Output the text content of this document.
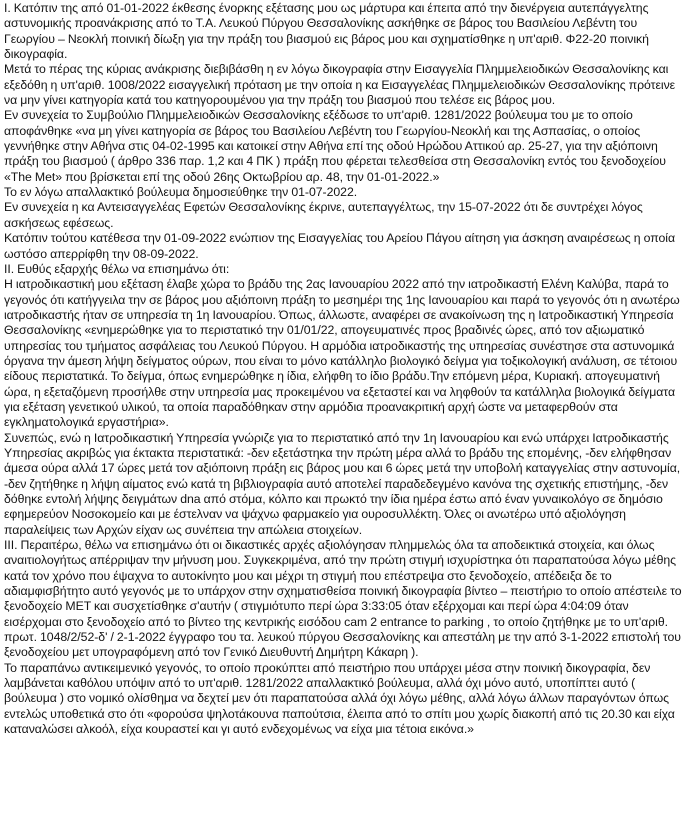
I. Κατόπιν της από 01-01-2022 έκθεσης ένορκης εξέτασης μου ως μάρτυρα και έπειτα από την διενέργεια αυτεπάγγελτης αστυνομικής προανάκρισης από το Τ.Α. Λευκού Πύργου Θεσσαλονίκης ασκήθηκε σε βάρος του Βασιλείου Λεβέντη του Γεωργίου – Νεοκλή ποινική δίωξη για την πράξη του βιασμού εις βάρος μου και σχηματίσθηκε η υπ'αριθ. Φ22-20 ποινική δικογραφία.

Μετά το πέρας της κύριας ανάκρισης διεβιβάσθη η εν λόγω δικογραφία στην Εισαγγελία Πλημμελειοδικών Θεσσαλονίκης και εξεδόθη η υπ'αριθ. 1008/2022 εισαγγελική πρόταση με την οποία η κα Εισαγγελέας Πλημμελειοδικών Θεσσαλονίκης πρότεινε να μην γίνει κατηγορία κατά του κατηγορουμένου για την πράξη του βιασμού που τελέσε εις βάρος μου.

Εν συνεχεία το Συμβούλιο Πλημμελειοδικών Θεσσαλονίκης εξέδωσε το υπ'αριθ. 1281/2022 βούλευμα του με το οποίο αποφάνθηκε «να μη γίνει κατηγορία σε βάρος του Βασιλείου Λεβέντη του Γεωργίου-Νεοκλή και της Ασπασίας, ο οποίος γεννήθηκε στην Αθήνα στις 04-02-1995 και κατοικεί στην Αθήνα επί της οδού Ηρώδου Αττικού αρ. 25-27, για την αξιόποινη πράξη του βιασμού ( άρθρο 336 παρ. 1,2 και 4 ΠΚ ) πράξη που φέρεται τελεσθείσα στη Θεσσαλονίκη εντός του ξενοδοχείου «The Met» που βρίσκεται επί της οδού 26ης Οκτωβρίου αρ. 48, την 01-01-2022.»

Το εν λόγω απαλλακτικό βούλευμα δημοσιεύθηκε την 01-07-2022.

Εν συνεχεία η κα Αντεισαγγελέας Εφετών Θεσσαλονίκης έκρινε, αυτεπαγγέλτως, την 15-07-2022 ότι δε συντρέχει λόγος ασκήσεως εφέσεως.

Κατόπιν τούτου κατέθεσα την 01-09-2022 ενώπιον της Εισαγγελίας του Αρείου Πάγου αίτηση για άσκηση αναιρέσεως η οποία ωστόσο απερρίφθη την 08-09-2022.

II. Ευθύς εξαρχής θέλω να επισημάνω ότι:

Η ιατροδικαστική μου εξέταση έλαβε χώρα το βράδυ της 2ας Ιανουαρίου 2022 από την ιατροδικαστή Ελένη Καλύβα, παρά το γεγονός ότι κατήγγειλα την σε βάρος μου αξιόποινη πράξη το μεσημέρι της 1ης Ιανουαρίου και παρά το γεγονός ότι η ανωτέρω ιατροδικαστής ήταν σε υπηρεσία τη 1η Ιανουαρίου. Όπως, άλλωστε, αναφέρει σε ανακοίνωση της η Ιατροδικαστική Υπηρεσία Θεσσαλονίκης «ενημερώθηκε για το περιστατικό την 01/01/22, απογευματινές προς βραδινές ώρες, από τον αξιωματικό υπηρεσίας του τμήματος ασφάλειας του Λευκού Πύργου. Η αρμόδια ιατροδικαστής της υπηρεσίας συνέστησε στα αστυνομικά όργανα την άμεση λήψη δείγματος ούρων, που είναι το μόνο κατάλληλο βιολογικό δείγμα για τοξικολογική ανάλυση, σε τέτοιου είδους περιστατικά. Το δείγμα, όπως ενημερώθηκε η ίδια, ελήφθη το ίδιο βράδυ.Την επόμενη μέρα, Κυριακή. απογευματινή ώρα, η εξεταζόμενη προσήλθε στην υπηρεσία μας προκειμένου να εξεταστεί και να ληφθούν τα κατάλληλα βιολογικά δείγματα για εξέταση γενετικού υλικού, τα οποία παραδόθηκαν στην αρμόδια προανακριτική αρχή ώστε να μεταφερθούν στα εγκληματολογικά εργαστήρια».

Συνεπώς, ενώ η Ιατροδικαστική Υπηρεσία γνώριζε για το περιστατικό από την 1η Ιανουαρίου και ενώ υπάρχει Ιατροδικαστής Υπηρεσίας ακριβώς για έκτακτα περιστατικά: -δεν εξετάστηκα την πρώτη μέρα αλλά το βράδυ της επομένης, -δεν ελήφθησαν άμεσα ούρα αλλά 17 ώρες μετά τον αξιόποινη πράξη εις βάρος μου και 6 ώρες μετά την υποβολή καταγγελίας στην αστυνομία, -δεν ζητήθηκε η λήψη αίματος ενώ κατά τη βιβλιογραφία αυτό αποτελεί παραδεδεγμένο κανόνα της σχετικής επιστήμης, -δεν δόθηκε εντολή λήψης δειγμάτων dna από στόμα, κόλπο και πρωκτό την ίδια ημέρα έστω από έναν γυναικολόγο σε δημόσιο εφημερεύον Νοσοκομείο και με έστελναν να ψάχνω φαρμακείο για ουροσυλλέκτη. Όλες οι ανωτέρω υπό αξιολόγηση παραλείψεις των Αρχών είχαν ως συνέπεια την απώλεια στοιχείων.

ΙΙΙ. Περαιτέρω, θέλω να επισημάνω ότι οι δικαστικές αρχές αξιολόγησαν πλημμελώς όλα τα αποδεικτικά στοιχεία, και όλως αναιτιολογήτως απέρριψαν την μήνυση μου. Συγκεκριμένα, από την πρώτη στιγμή ισχυρίστηκα ότι παραπατούσα λόγω μέθης κατά τον χρόνο που έψαχνα το αυτοκίνητο μου και μέχρι τη στιγμή που επέστρεψα στο ξενοδοχείο, απέδειξα δε το αδιαμφισβήτητο αυτό γεγονός με το υπάρχον στην σχηματισθείσα ποινική δικογραφία βίντεο – πειστήριο το οποίο απέστειλε το ξενοδοχείο ΜΕΤ και συσχετίσθηκε σ'αυτήν ( στιγμιότυπο περί ώρα 3:33:05 όταν εξέρχομαι και περί ώρα 4:04:09 όταν εισέρχομαι στο ξενοδοχείο από το βίντεο της κεντρικής εισόδου cam 2 entrance to parking , το οποίο ζητήθηκε με το υπ'αριθ. πρωτ. 1048/2/52-δ' / 2-1-2022 έγγραφο του τα. λευκού πύργου Θεσσαλονίκης και απεστάλη με την από 3-1-2022 επιστολή του ξενοδοχείου μετ υπογραφόμενη από τον Γενικό Διευθυντή Δημήτρη Κάκαρη ).

Το παραπάνω αντικειμενικό γεγονός, το οποίο προκύπτει από πειστήριο που υπάρχει μέσα στην ποινική δικογραφία, δεν λαμβάνεται καθόλου υπόψιν από το υπ'αριθ. 1281/2022 απαλλακτικό βούλευμα, αλλά όχι μόνο αυτό, υποπίπτει αυτό ( βούλευμα ) στο νομικό ολίσθημα να δεχτεί μεν ότι παραπατούσα αλλά όχι λόγω μέθης, αλλά λόγω άλλων παραγόντων όπως εντελώς υποθετικά στο ότι «φορούσα ψηλοτάκουνα παπούτσια, έλειπα από το σπίτι μου χωρίς διακοπή από τις 20.30 και είχα καταναλώσει αλκοόλ, είχα κουραστεί και γι αυτό ενδεχομένως να είχα μια τέτοια εικόνα.»
